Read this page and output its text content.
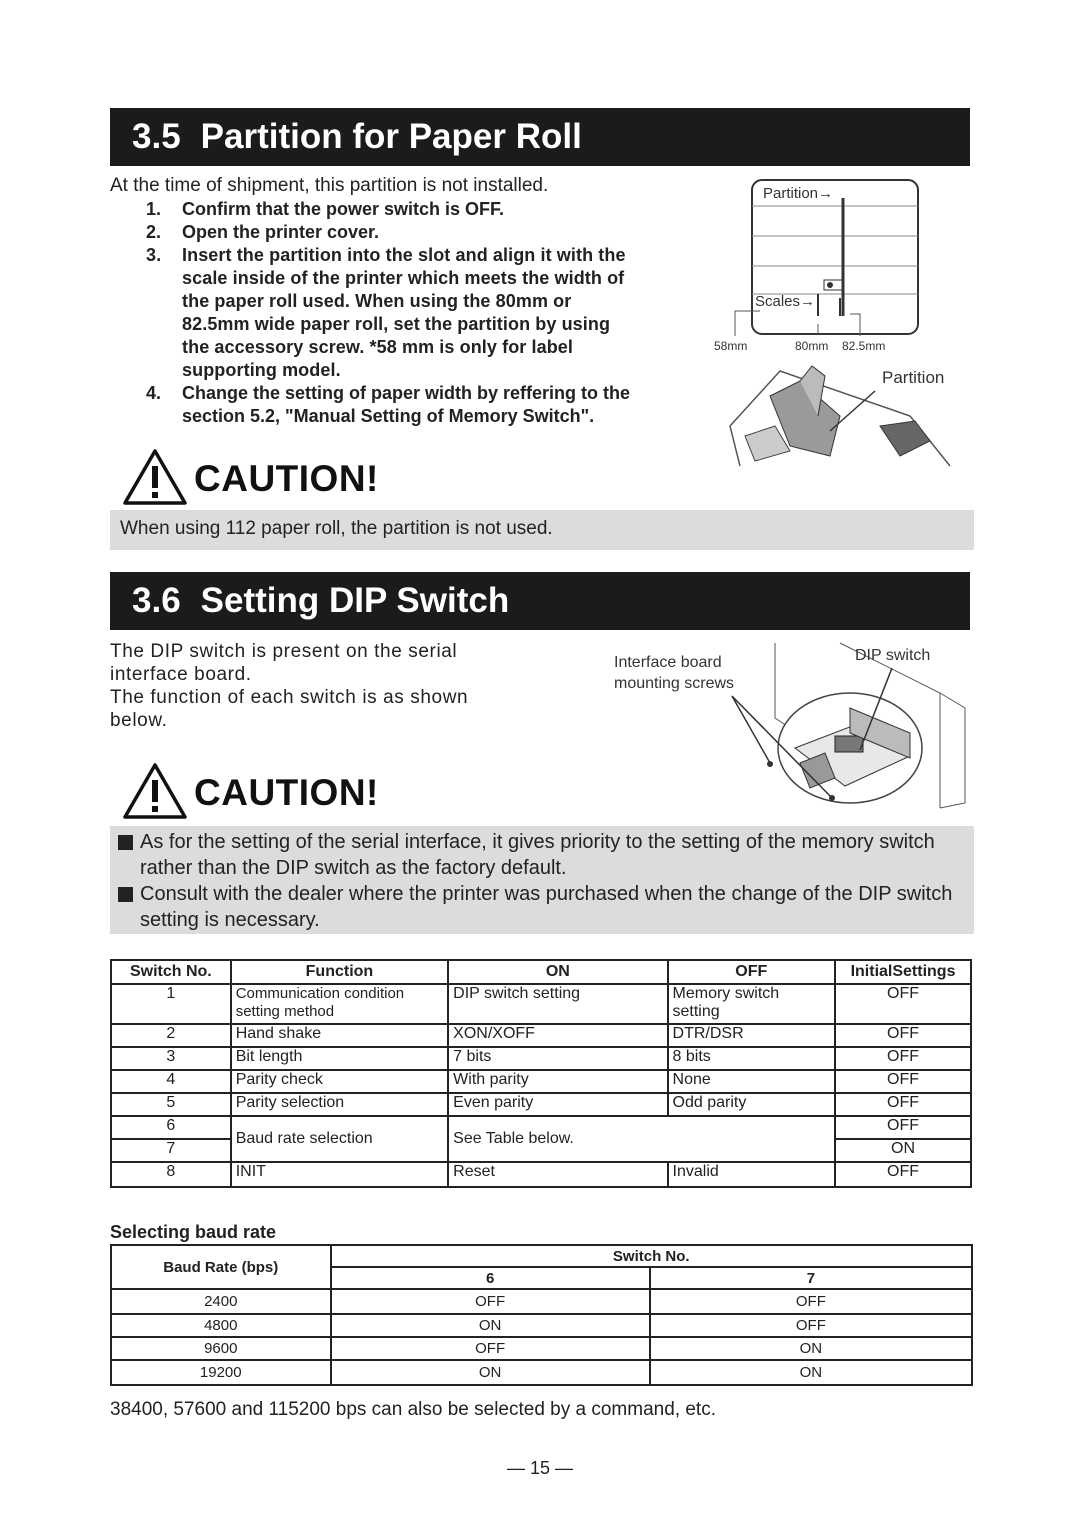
3.5 Partition for Paper Roll
At the time of shipment, this partition is not installed.
1. Confirm that the power switch is OFF.
2. Open the printer cover.
3. Insert the partition into the slot and align it with the scale inside of the printer which meets the width of the paper roll used. When using the 80mm or 82.5mm wide paper roll, set the partition by using the accessory screw. *58 mm is only for label supporting model.
4. Change the setting of paper width by reffering to the section 5.2, "Manual Setting of Memory Switch".
Partition→
Scales→
58mm	80mm 82.5mm
Partition
CAUTION!
When using 112 paper roll, the partition is not used.
3.6 Setting DIP Switch
The DIP switch is present on the serial interface board.
The function of each switch is as shown below.
Interface board
mounting screws
DIP switch
CAUTION!
As for the setting of the serial interface, it gives priority to the setting of the memory switch rather than the DIP switch as the factory default.
Consult with the dealer where the printer was purchased when the change of the DIP switch setting is necessary.
Switch No.	Function	ON	OFF	InitialSettings
1	Communication condition setting method	DIP switch setting	Memory switch setting	OFF
2	Hand shake	XON/XOFF	DTR/DSR	OFF
3	Bit length	7 bits	8 bits	OFF
4	Parity check	With parity	None	OFF
5	Parity selection	Even parity	Odd parity	OFF
6	Baud rate selection	See Table below.		OFF
7				ON
8	INIT	Reset	Invalid	OFF
Selecting baud rate
Baud Rate (bps)	Switch No.	
	6	7
2400	OFF	OFF
4800	ON	OFF
9600	OFF	ON
19200	ON	ON
38400, 57600 and 115200 bps can also be selected by a command, etc.
— 15 —
